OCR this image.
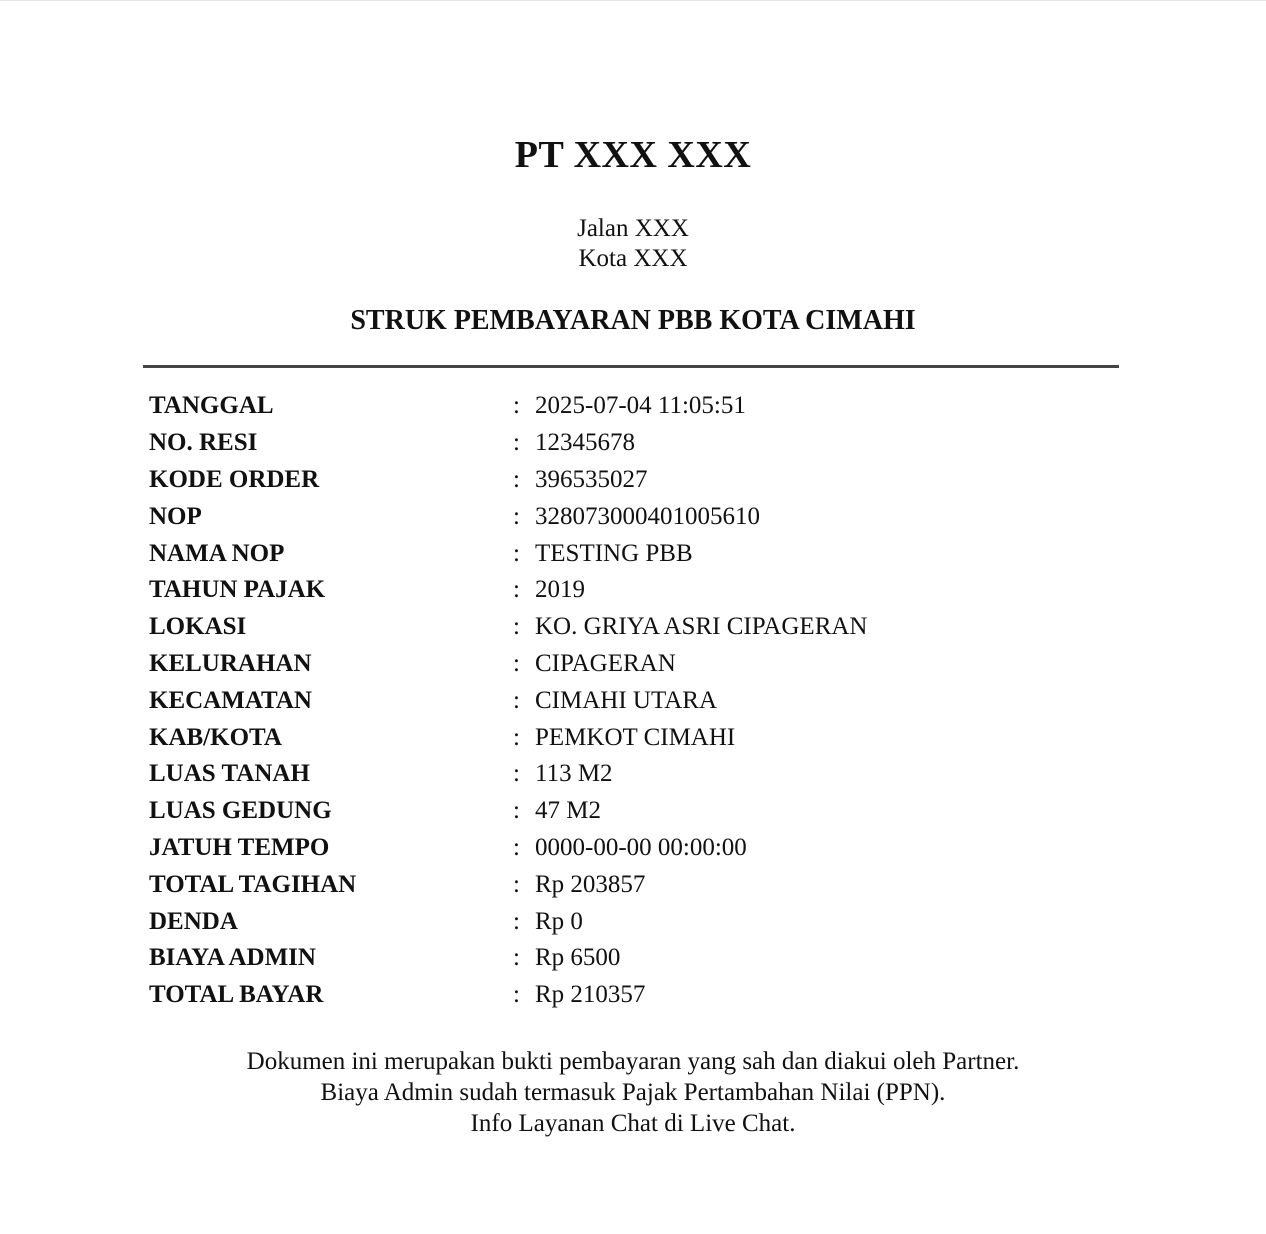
PT XXX XXX
Jalan XXX
Kota XXX
STRUK PEMBAYARAN PBB KOTA CIMAHI
TANGGAL	: 2025-07-04 11:05:51
NO. RESI	: 12345678
KODE ORDER	: 396535027
NOP	: 328073000401005610
NAMA NOP	: TESTING PBB
TAHUN PAJAK	: 2019
LOKASI	: KO. GRIYA ASRI CIPAGERAN
KELURAHAN	: CIPAGERAN
KECAMATAN	: CIMAHI UTARA
KAB/KOTA	: PEMKOT CIMAHI
LUAS TANAH	: 113 M2
LUAS GEDUNG	: 47 M2
JATUH TEMPO	: 0000-00-00 00:00:00
TOTAL TAGIHAN	: Rp 203857
DENDA	: Rp 0
BIAYA ADMIN	: Rp 6500
TOTAL BAYAR	: Rp 210357
Dokumen ini merupakan bukti pembayaran yang sah dan diakui oleh Partner.
Biaya Admin sudah termasuk Pajak Pertambahan Nilai (PPN).
Info Layanan Chat di Live Chat.
